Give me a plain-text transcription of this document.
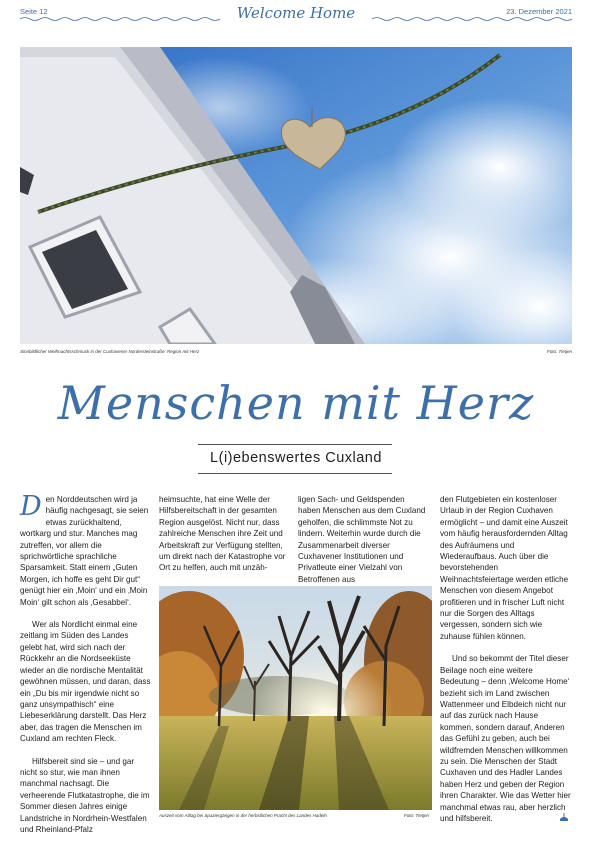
Seite 12	Welcome Home	23. Dezember 2021
Sinnbildlicher Weihnachtsschmuck in der Cuxhavener Nordersteinstraße: Region mit Herz	Foto: Tietjen
Menschen mit Herz
L(i)ebenswertes Cuxland

Den Norddeutschen wird ja häufig nachgesagt, sie seien etwas zurückhaltend, wortkarg und stur. Manches mag zutreffen, vor allem die sprichwörtliche sprachliche Sparsamkeit. Statt einem „Guten Morgen, ich hoffe es geht Dir gut“ genügt hier ein ‚Moin‘ und ein ‚Moin Moin‘ gilt schon als ‚Gesabbel‘.

Wer als Nordlicht einmal eine zeitlang im Süden des Landes gelebt hat, wird sich nach der Rückkehr an die Nordseeküste wieder an die nordische Mentalität gewöhnen müssen, und daran, dass ein „Du bis mir irgendwie nicht so ganz unsympathisch“ eine Liebeserklärung darstellt. Das Herz aber, das tragen die Menschen im Cuxland am rechten Fleck.

Hilfsbereit sind sie – und gar nicht so stur, wie man ihnen manchmal nachsagt. Die verheerende Flutkatastrophe, die im Sommer diesen Jahres einige Landstriche in Nordrhein-Westfalen und Rheinland-Pfalz

heimsuchte, hat eine Welle der Hilfsbereitschaft in der gesamten Region ausgelöst. Nicht nur, dass zahlreiche Menschen ihre Zeit und Arbeitskraft zur Verfügung stellten, um direkt nach der Katastrophe vor Ort zu helfen, auch mit unzäh-

ligen Sach- und Geldspenden haben Menschen aus dem Cuxland geholfen, die schlimmste Not zu lindern. Weiterhin wurde durch die Zusammenarbeit diverser Cuxhavener Institutionen und Privatleute einer Vielzahl von Betroffenen aus

den Flutgebieten ein kostenloser Urlaub in der Region Cuxhaven ermöglicht – und damit eine Auszeit vom häufig herausfordernden Alltag des Aufräumens und Wiederaufbaus. Auch über die bevorstehenden Weihnachtsfeiertage werden etliche Menschen von diesem Angebot profitieren und in frischer Luft nicht nur die Sorgen des Alltags vergessen, sondern sich wie zuhause fühlen können.

Und so bekommt der Titel dieser Beilage noch eine weitere Bedeutung – denn ‚Welcome Home‘ bezieht sich im Land zwischen Wattenmeer und Elbdeich nicht nur auf das zurück nach Hause kommen, sondern darauf, Anderen das Gefühl zu geben, auch bei wildfremden Menschen willkommen zu sein. Die Menschen der Stadt Cuxhaven und des Hadler Landes haben Herz und geben der Region ihren Charakter. Wie das Wetter hier manchmal etwas rau, aber herzlich und hilfsbereit.

Auszeit vom Alltag bei Spaziergängen in der herbstlichen Pracht des Landes Hadeln	Foto: Tietjen
